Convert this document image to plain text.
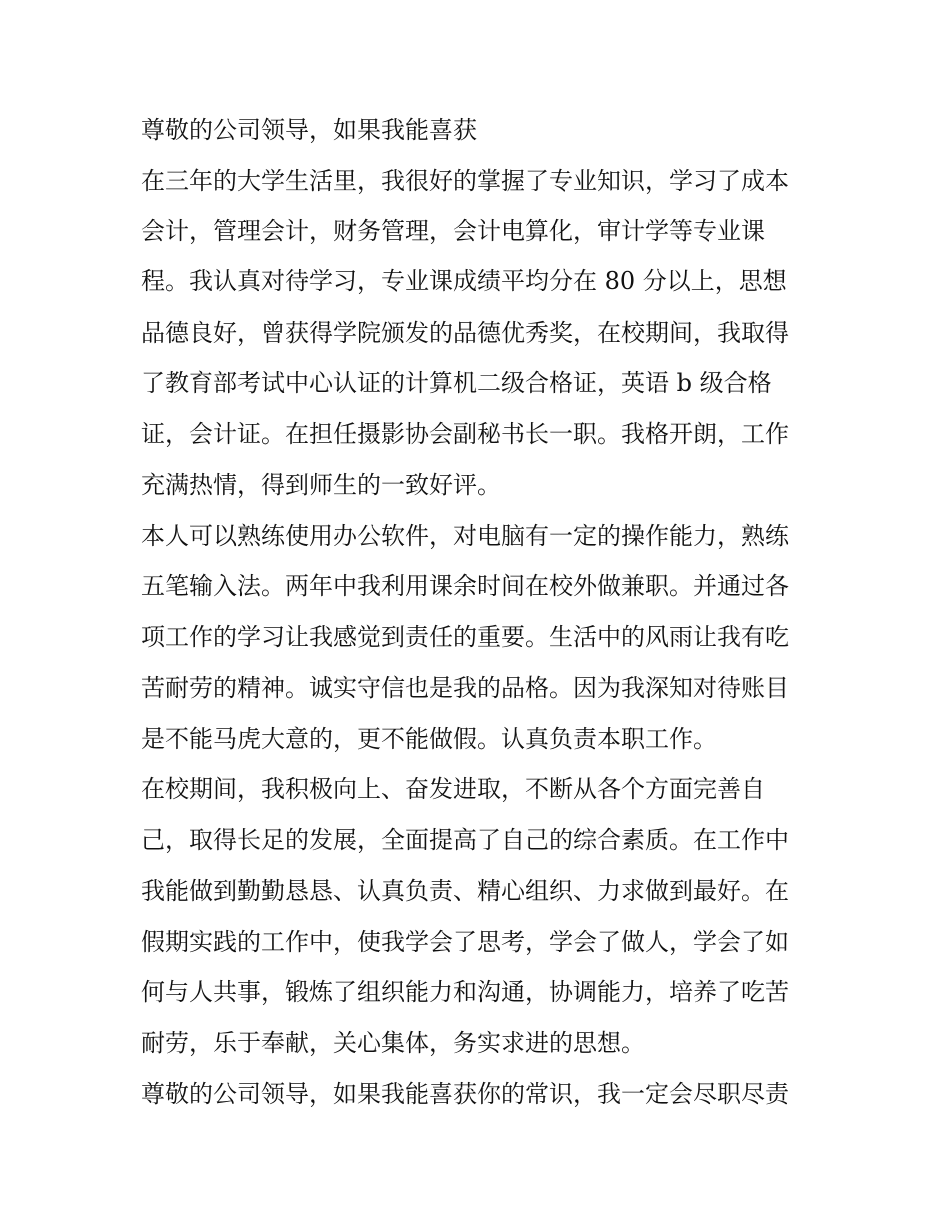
尊敬的公司领导，如果我能喜获
在三年的大学生活里，我很好的掌握了专业知识，学习了成本
会计，管理会计，财务管理，会计电算化，审计学等专业课
程。我认真对待学习，专业课成绩平均分在 80 分以上，思想
品德良好，曾获得学院颁发的品德优秀奖，在校期间，我取得
了教育部考试中心认证的计算机二级合格证，英语 b 级合格
证，会计证。在担任摄影协会副秘书长一职。我格开朗，工作
充满热情，得到师生的一致好评。
本人可以熟练使用办公软件，对电脑有一定的操作能力，熟练
五笔输入法。两年中我利用课余时间在校外做兼职。并通过各
项工作的学习让我感觉到责任的重要。生活中的风雨让我有吃
苦耐劳的精神。诚实守信也是我的品格。因为我深知对待账目
是不能马虎大意的，更不能做假。认真负责本职工作。
在校期间，我积极向上、奋发进取，不断从各个方面完善自
己，取得长足的发展，全面提高了自己的综合素质。在工作中
我能做到勤勤恳恳、认真负责、精心组织、力求做到最好。在
假期实践的工作中，使我学会了思考，学会了做人，学会了如
何与人共事，锻炼了组织能力和沟通，协调能力，培养了吃苦
耐劳，乐于奉献，关心集体，务实求进的思想。
尊敬的公司领导，如果我能喜获你的常识，我一定会尽职尽责
